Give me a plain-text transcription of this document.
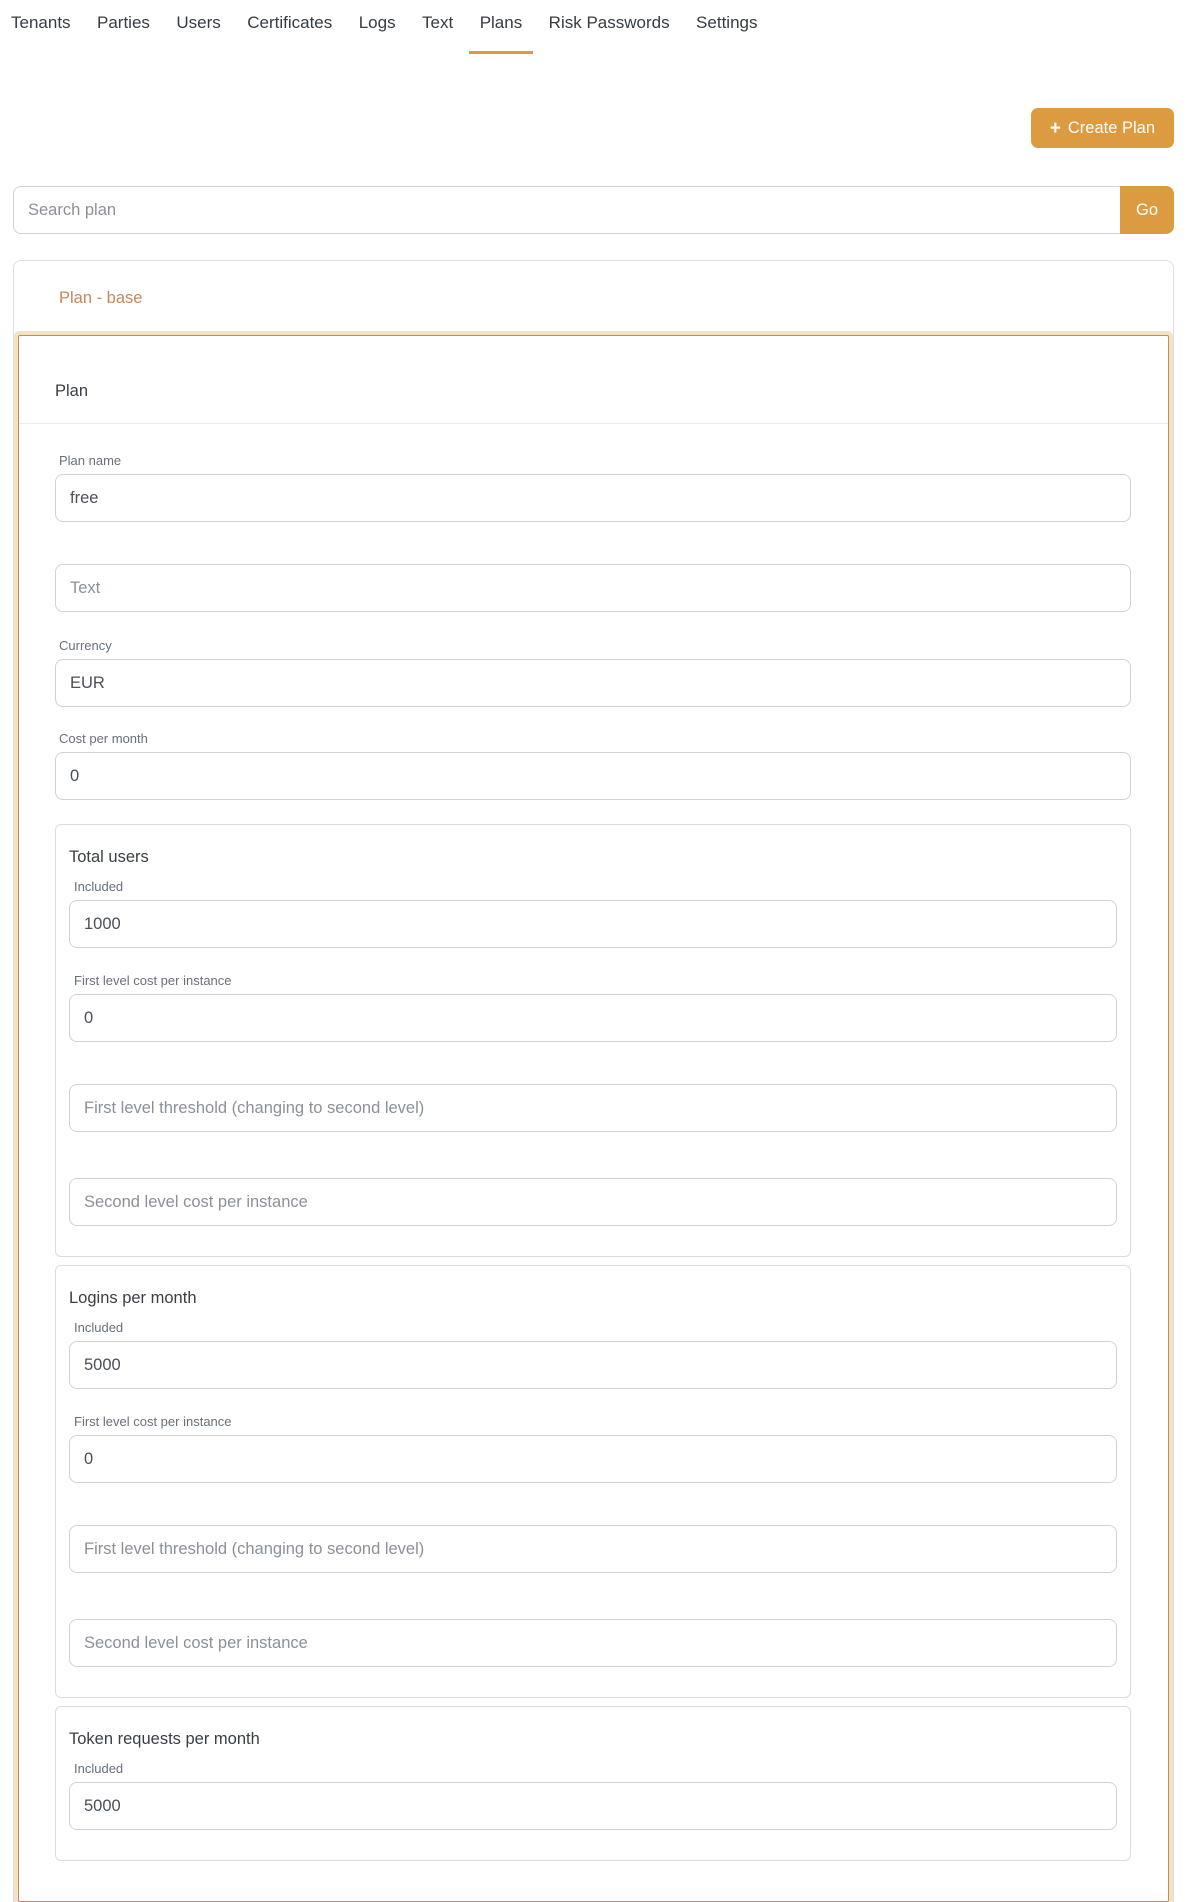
Tenants Parties Users Certificates Logs Text Plans Risk Passwords Settings
+ Create Plan
Search plan
Go
Plan - base
Plan
Plan name
free
Text
Currency
EUR
Cost per month
0
Total users
Included
1000
First level cost per instance
0
First level threshold (changing to second level)
Second level cost per instance
Logins per month
Included
5000
First level cost per instance
0
First level threshold (changing to second level)
Second level cost per instance
Token requests per month
Included
5000
